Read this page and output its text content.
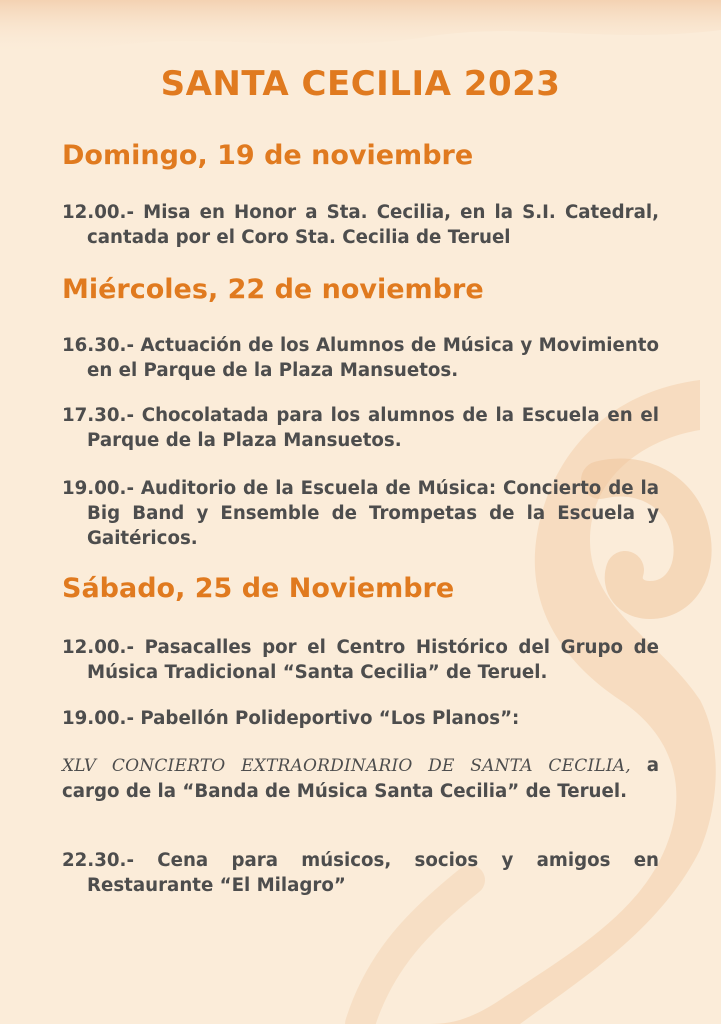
SANTA CECILIA 2023
Domingo, 19 de noviembre
12.00.- Misa en Honor a Sta. Cecilia, en la S.I. Catedral, cantada por el Coro Sta. Cecilia de Teruel
Miércoles, 22 de noviembre
16.30.- Actuación de los Alumnos de Música y Movimiento en el Parque de la Plaza Mansuetos.
17.30.- Chocolatada para los alumnos de la Escuela en el Parque de la Plaza Mansuetos.
19.00.- Auditorio de la Escuela de Música: Concierto de la Big Band y Ensemble de Trompetas de la Escuela y Gaitéricos.
Sábado, 25 de Noviembre
12.00.- Pasacalles por el Centro Histórico del Grupo de Música Tradicional “Santa Cecilia” de Teruel.
19.00.- Pabellón Polideportivo “Los Planos”:
XLV CONCIERTO EXTRAORDINARIO DE SANTA CECILIA, a cargo de la “Banda de Música Santa Cecilia” de Teruel.
22.30.- Cena para músicos, socios y amigos en Restaurante “El Milagro”
